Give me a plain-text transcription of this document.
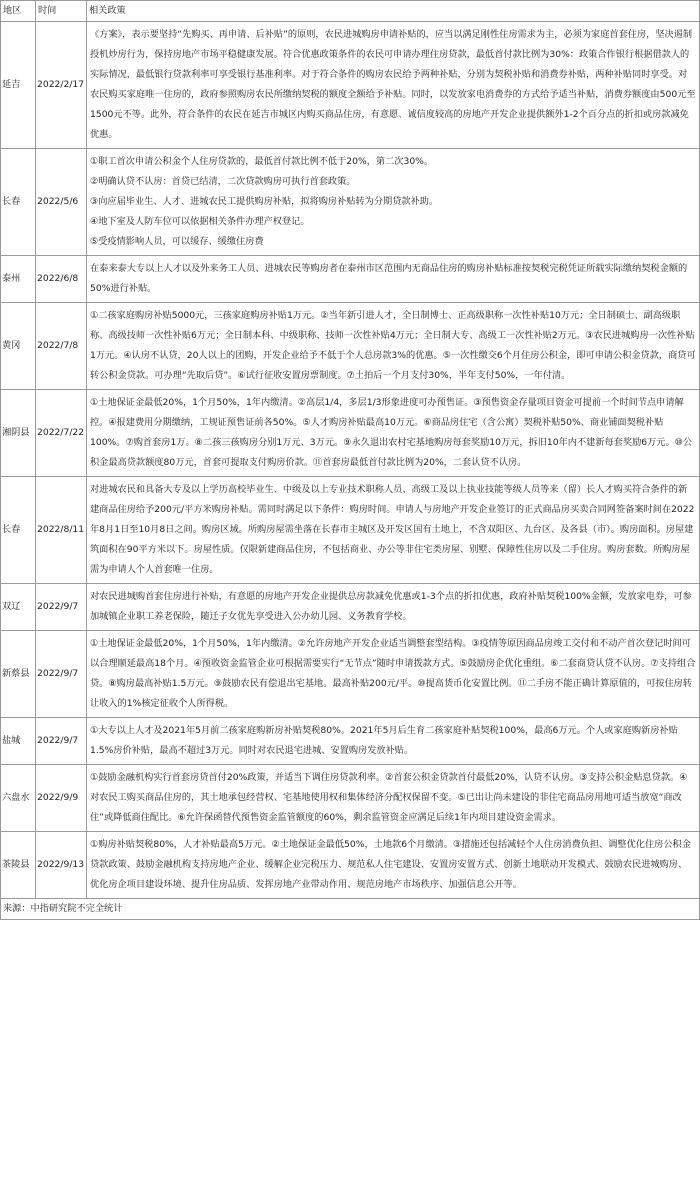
地区	时间	相关政策
延吉	2022/2/17	《方案》，表示要坚持“先购买、再申请、后补贴”的原则，农民进城购房申请补贴的，应当以满足刚性住房需求为主，必须为家庭首套住房，坚决遏制投机炒房行为，保持房地产市场平稳健康发展。符合优惠政策条件的农民可申请办理住房贷款，最低首付款比例为30%：政策合作银行根据借款人的实际情况，最低银行贷款利率可享受银行基准利率。对于符合条件的购房农民给予两种补贴，分别为契税补贴和消费券补贴，两种补贴同时享受。对农民购买家庭唯一住房的，政府参照购房农民所缴纳契税的额度全额给予补贴。同时，以发放家电消费券的方式给予适当补贴，消费券额度由500元至1500元不等。此外，符合条件的农民在延吉市城区内购买商品住房，有意愿、诚信度较高的房地产开发企业提供额外1-2个百分点的折扣或房款减免优惠。

长春	2022/5/6	①职工首次申请公积金个人住房贷款的，最低首付款比例不低于20%，第二次30%。
②明确认贷不认房：首贷已结清，二次贷款购房可执行首套政策。
③向应届毕业生、人才、进城农民工提供购房补贴，拟将购房补贴转为分期贷款补助。
④地下室及人防车位可以依据相关条件办理产权登记。
⑤受疫情影响人员，可以缓存、缓缴住房费

泰州	2022/6/8	在泰来泰大专以上人才以及外来务工人员、进城农民等购房者在泰州市区范围内无商品住房的购房补贴标准按契税完税凭证所载实际缴纳契税金额的50%进行补贴。

黄冈	2022/7/8	①二孩家庭购房补贴5000元，三孩家庭购房补贴1万元。②当年新引进人才，全日制博士、正高级职称一次性补贴10万元；全日制硕士、副高级职称、高级技师一次性补贴6万元；全日制本科、中级职称、技师一次性补贴4万元；全日制大专、高级工一次性补贴2万元。③农民进城购房一次性补贴1万元。④认房不认贷，20人以上的团购，开发企业给予不低于个人总房款3%的优惠。⑤一次性缴交6个月住房公积金，即可申请公积金贷款，商贷可转公积金贷款。可办理“先取后贷”。⑥试行征收安置房票制度。⑦土拍后一个月支付30%，半年支付50%，一年付清。

湘阴县	2022/7/22	①土地保证金最低20%，1个月50%，1年内缴清。②高层1/4，多层1/3形象进度可办预售证。③预售资金存量项目资金可提前一个时间节点申请解控。④报建费用分期缴纳，工规证预售证前各50%。⑤人才购房补贴最高10万元。⑥商品房住宅（含公寓）契税补贴50%、商业铺面契税补贴100%。⑦购首套房1万。⑧二孩三孩购房分别1万元、3万元。⑨永久退出农村宅基地购房每套奖励10万元，拆旧10年内不建新每套奖励6万元。⑩公积金最高贷款额度80万元，首套可提取支付购房价款。⑪首套房最低首付款比例为20%，二套认贷不认房。

长春	2022/8/11	对进城农民和具备大专及以上学历高校毕业生、中级及以上专业技术职称人员、高级工及以上执业技能等级人员等来（留）长人才购买符合条件的新建商品住房给予200元/平方米购房补贴。需同时满足以下条件：购房时间。申请人与房地产开发企业签订的正式商品房买卖合同网签备案时间在2022年8月1日至10月8日之间。购房区域。所购房屋需坐落在长春市主城区及开发区国有土地上，不含双阳区、九台区、及各县（市）。购房面积。房屋建筑面积在90平方米以下。房屋性质。仅限新建商品住房，不包括商业、办公等非住宅类房屋、别墅、保障性住房以及二手住房。购房套数。所购房屋需为申请人个人首套唯一住房。

双辽	2022/9/7	对农民进城购首套住房进行补贴，有意愿的房地产开发企业提供总房款减免优惠或1-3个点的折扣优惠，政府补贴契税100%金额，发放家电券，可参加城镇企业职工养老保险，随迁子女优先享受进入公办幼儿园、义务教育学校。

新蔡县	2022/9/7	①土地保证金最低20%，1个月50%，1年内缴清。②允许房地产开发企业适当调整套型结构。③疫情等原因商品房竣工交付和不动产首次登记时间可以合理顺延最高18个月。④预收资金监管企业可根据需要实行“无节点”随时申请拨款方式。⑤鼓励房企优化重组。⑥二套商贷认贷不认房。⑦支持组合贷。⑧购房最高补贴1.5万元。⑨鼓励农民有偿退出宅基地。最高补贴200元/平。⑩提高货币化安置比例。⑪二手房不能正确计算原值的，可按住房转让收入的1%核定征收个人所得税。

盐城	2022/9/7	①大专以上人才及2021年5月前二孩家庭购新房补贴契税80%。2021年5月后生育二孩家庭补贴契税100%，最高6万元。个人或家庭购新房补贴1.5%房价补贴，最高不超过3万元。同时对农民退宅进城、安置购房发放补贴。

六盘水	2022/9/9	①鼓励金融机构实行首套房贷首付20%政策，并适当下调住房贷款利率。②首套公积金贷款首付最低20%，认贷不认房。③支持公积金贴息贷款。④对农民工购买商品住房的，其土地承包经营权、宅基地使用权和集体经济分配权保留不变。⑤已出让尚未建设的非住宅商品房用地可适当放宽“商改住”或降低商住配比。⑥允许保函替代预售资金监管额度的60%，剩余监管资金应满足后续1年内项目建设资金需求。

茶陵县	2022/9/13	①购房补贴契税80%，人才补贴最高5万元。②土地保证金最低50%，土地款6个月缴清。③措施还包括减轻个人住房消费负担、调整优化住房公积金贷款政策、鼓励金融机构支持房地产企业、缓解企业完税压力、规范私人住宅建设、安置房安置方式、创新土地联动开发模式、鼓励农民进城购房、优化房企项目建设环境、提升住房品质、发挥房地产业带动作用、规范房地产市场秩序、加强信息公开等。

来源：中指研究院不完全统计		
